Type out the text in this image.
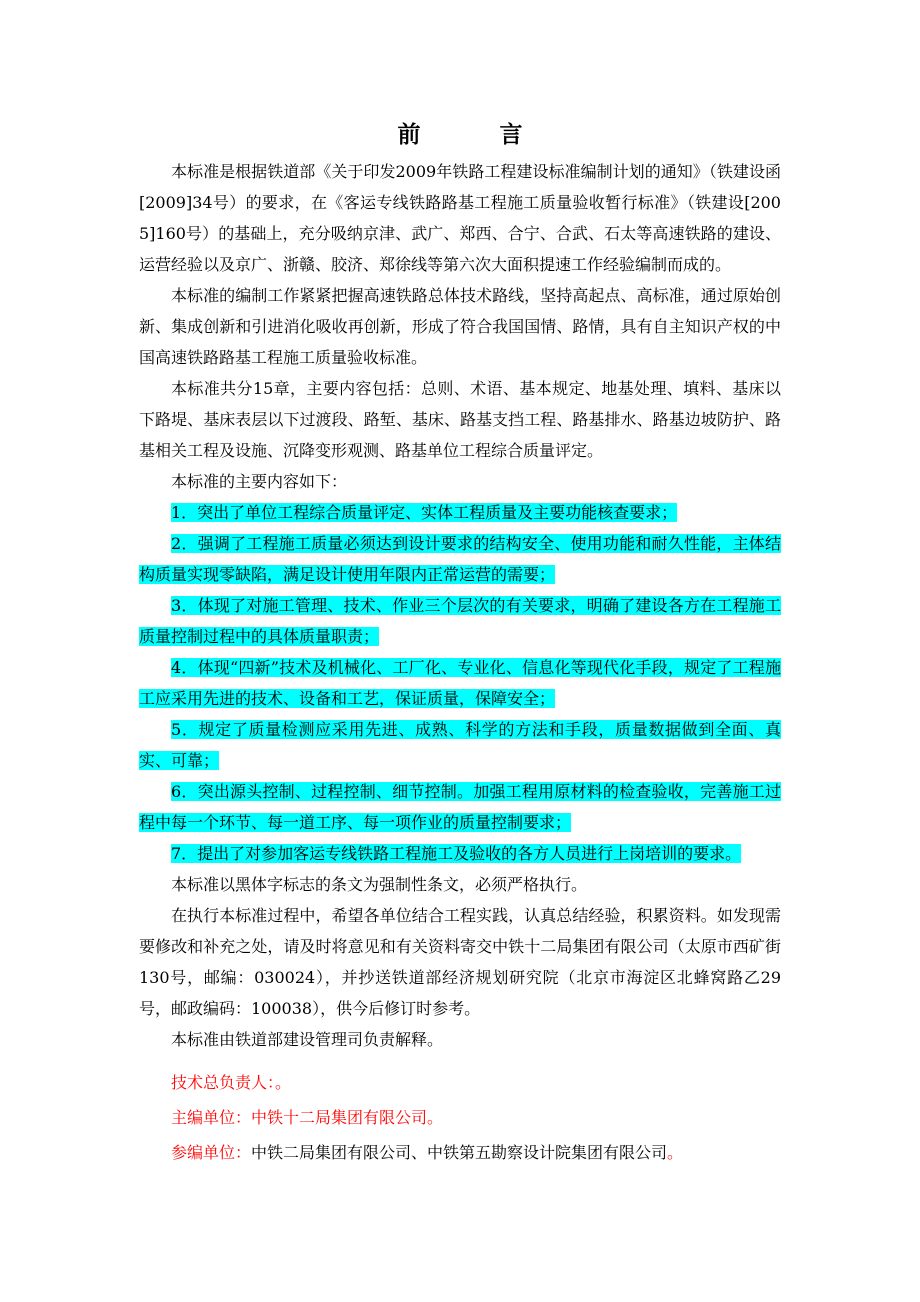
前　言

本标准是根据铁道部《关于印发2009年铁路工程建设标准编制计划的通知》（铁建设函[2009]34号）的要求，在《客运专线铁路路基工程施工质量验收暂行标准》（铁建设[2005]160号）的基础上，充分吸纳京津、武广、郑西、合宁、合武、石太等高速铁路的建设、运营经验以及京广、浙赣、胶济、郑徐线等第六次大面积提速工作经验编制而成的。

本标准的编制工作紧紧把握高速铁路总体技术路线，坚持高起点、高标准，通过原始创新、集成创新和引进消化吸收再创新，形成了符合我国国情、路情，具有自主知识产权的中国高速铁路路基工程施工质量验收标准。

本标准共分15章，主要内容包括：总则、术语、基本规定、地基处理、填料、基床以下路堤、基床表层以下过渡段、路堑、基床、路基支挡工程、路基排水、路基边坡防护、路基相关工程及设施、沉降变形观测、路基单位工程综合质量评定。

本标准的主要内容如下：

1．突出了单位工程综合质量评定、实体工程质量及主要功能核查要求；

2．强调了工程施工质量必须达到设计要求的结构安全、使用功能和耐久性能，主体结构质量实现零缺陷，满足设计使用年限内正常运营的需要；

3．体现了对施工管理、技术、作业三个层次的有关要求，明确了建设各方在工程施工质量控制过程中的具体质量职责；

4．体现“四新”技术及机械化、工厂化、专业化、信息化等现代化手段，规定了工程施工应采用先进的技术、设备和工艺，保证质量，保障安全；

5．规定了质量检测应采用先进、成熟、科学的方法和手段，质量数据做到全面、真实、可靠；

6．突出源头控制、过程控制、细节控制。加强工程用原材料的检查验收，完善施工过程中每一个环节、每一道工序、每一项作业的质量控制要求；

7．提出了对参加客运专线铁路工程施工及验收的各方人员进行上岗培训的要求。

本标准以黑体字标志的条文为强制性条文，必须严格执行。

在执行本标准过程中，希望各单位结合工程实践，认真总结经验，积累资料。如发现需要修改和补充之处，请及时将意见和有关资料寄交中铁十二局集团有限公司（太原市西矿街130号，邮编：030024），并抄送铁道部经济规划研究院（北京市海淀区北蜂窝路乙29号，邮政编码：100038），供今后修订时参考。

本标准由铁道部建设管理司负责解释。

技术总负责人：。

主编单位：中铁十二局集团有限公司。

参编单位：中铁二局集团有限公司、中铁第五勘察设计院集团有限公司。
